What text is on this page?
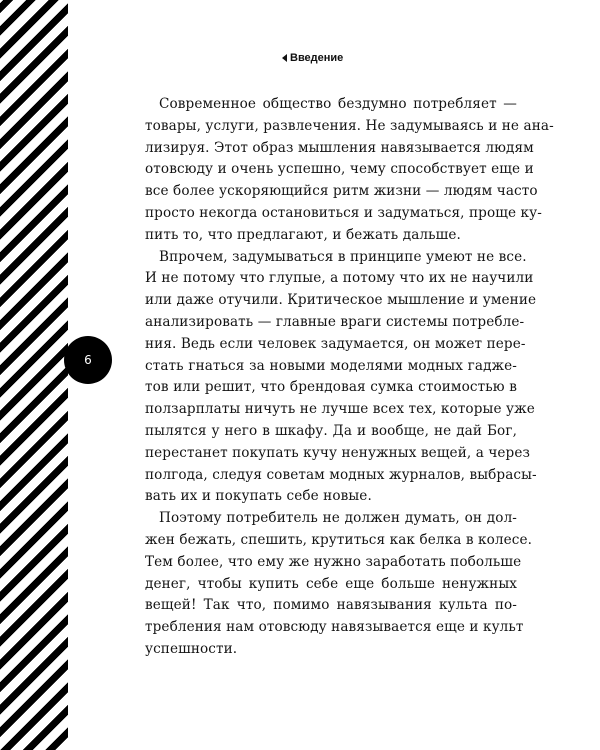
6
Введение
Современное общество бездумно потребляет —
товары, услуги, развлечения. Не задумываясь и не ана-
лизируя. Этот образ мышления навязывается людям
отовсюду и очень успешно, чему способствует еще и
все более ускоряющийся ритм жизни — людям часто
просто некогда остановиться и задуматься, проще ку-
пить то, что предлагают, и бежать дальше.
Впрочем, задумываться в принципе умеют не все.
И не потому что глупые, а потому что их не научили
или даже отучили. Критическое мышление и умение
анализировать — главные враги системы потребле-
ния. Ведь если человек задумается, он может пере-
стать гнаться за новыми моделями модных гаджe-
тов или решит, что брендовая сумка стоимостью в
ползарплаты ничуть не лучше всех тех, которые уже
пылятся у него в шкафу. Да и вообще, не дай Бог,
перестанет покупать кучу ненужных вещей, а через
полгода, следуя советам модных журналов, выбрасы-
вать их и покупать себе новые.
Поэтому потребитель не должен думать, он дол-
жен бежать, спешить, крутиться как белка в колесе.
Тем более, что ему же нужно заработать побольше
денег, чтобы купить себе еще больше ненужных
вещей! Так что, помимо навязывания культа по-
требления нам отовсюду навязывается еще и культ
успешности.
